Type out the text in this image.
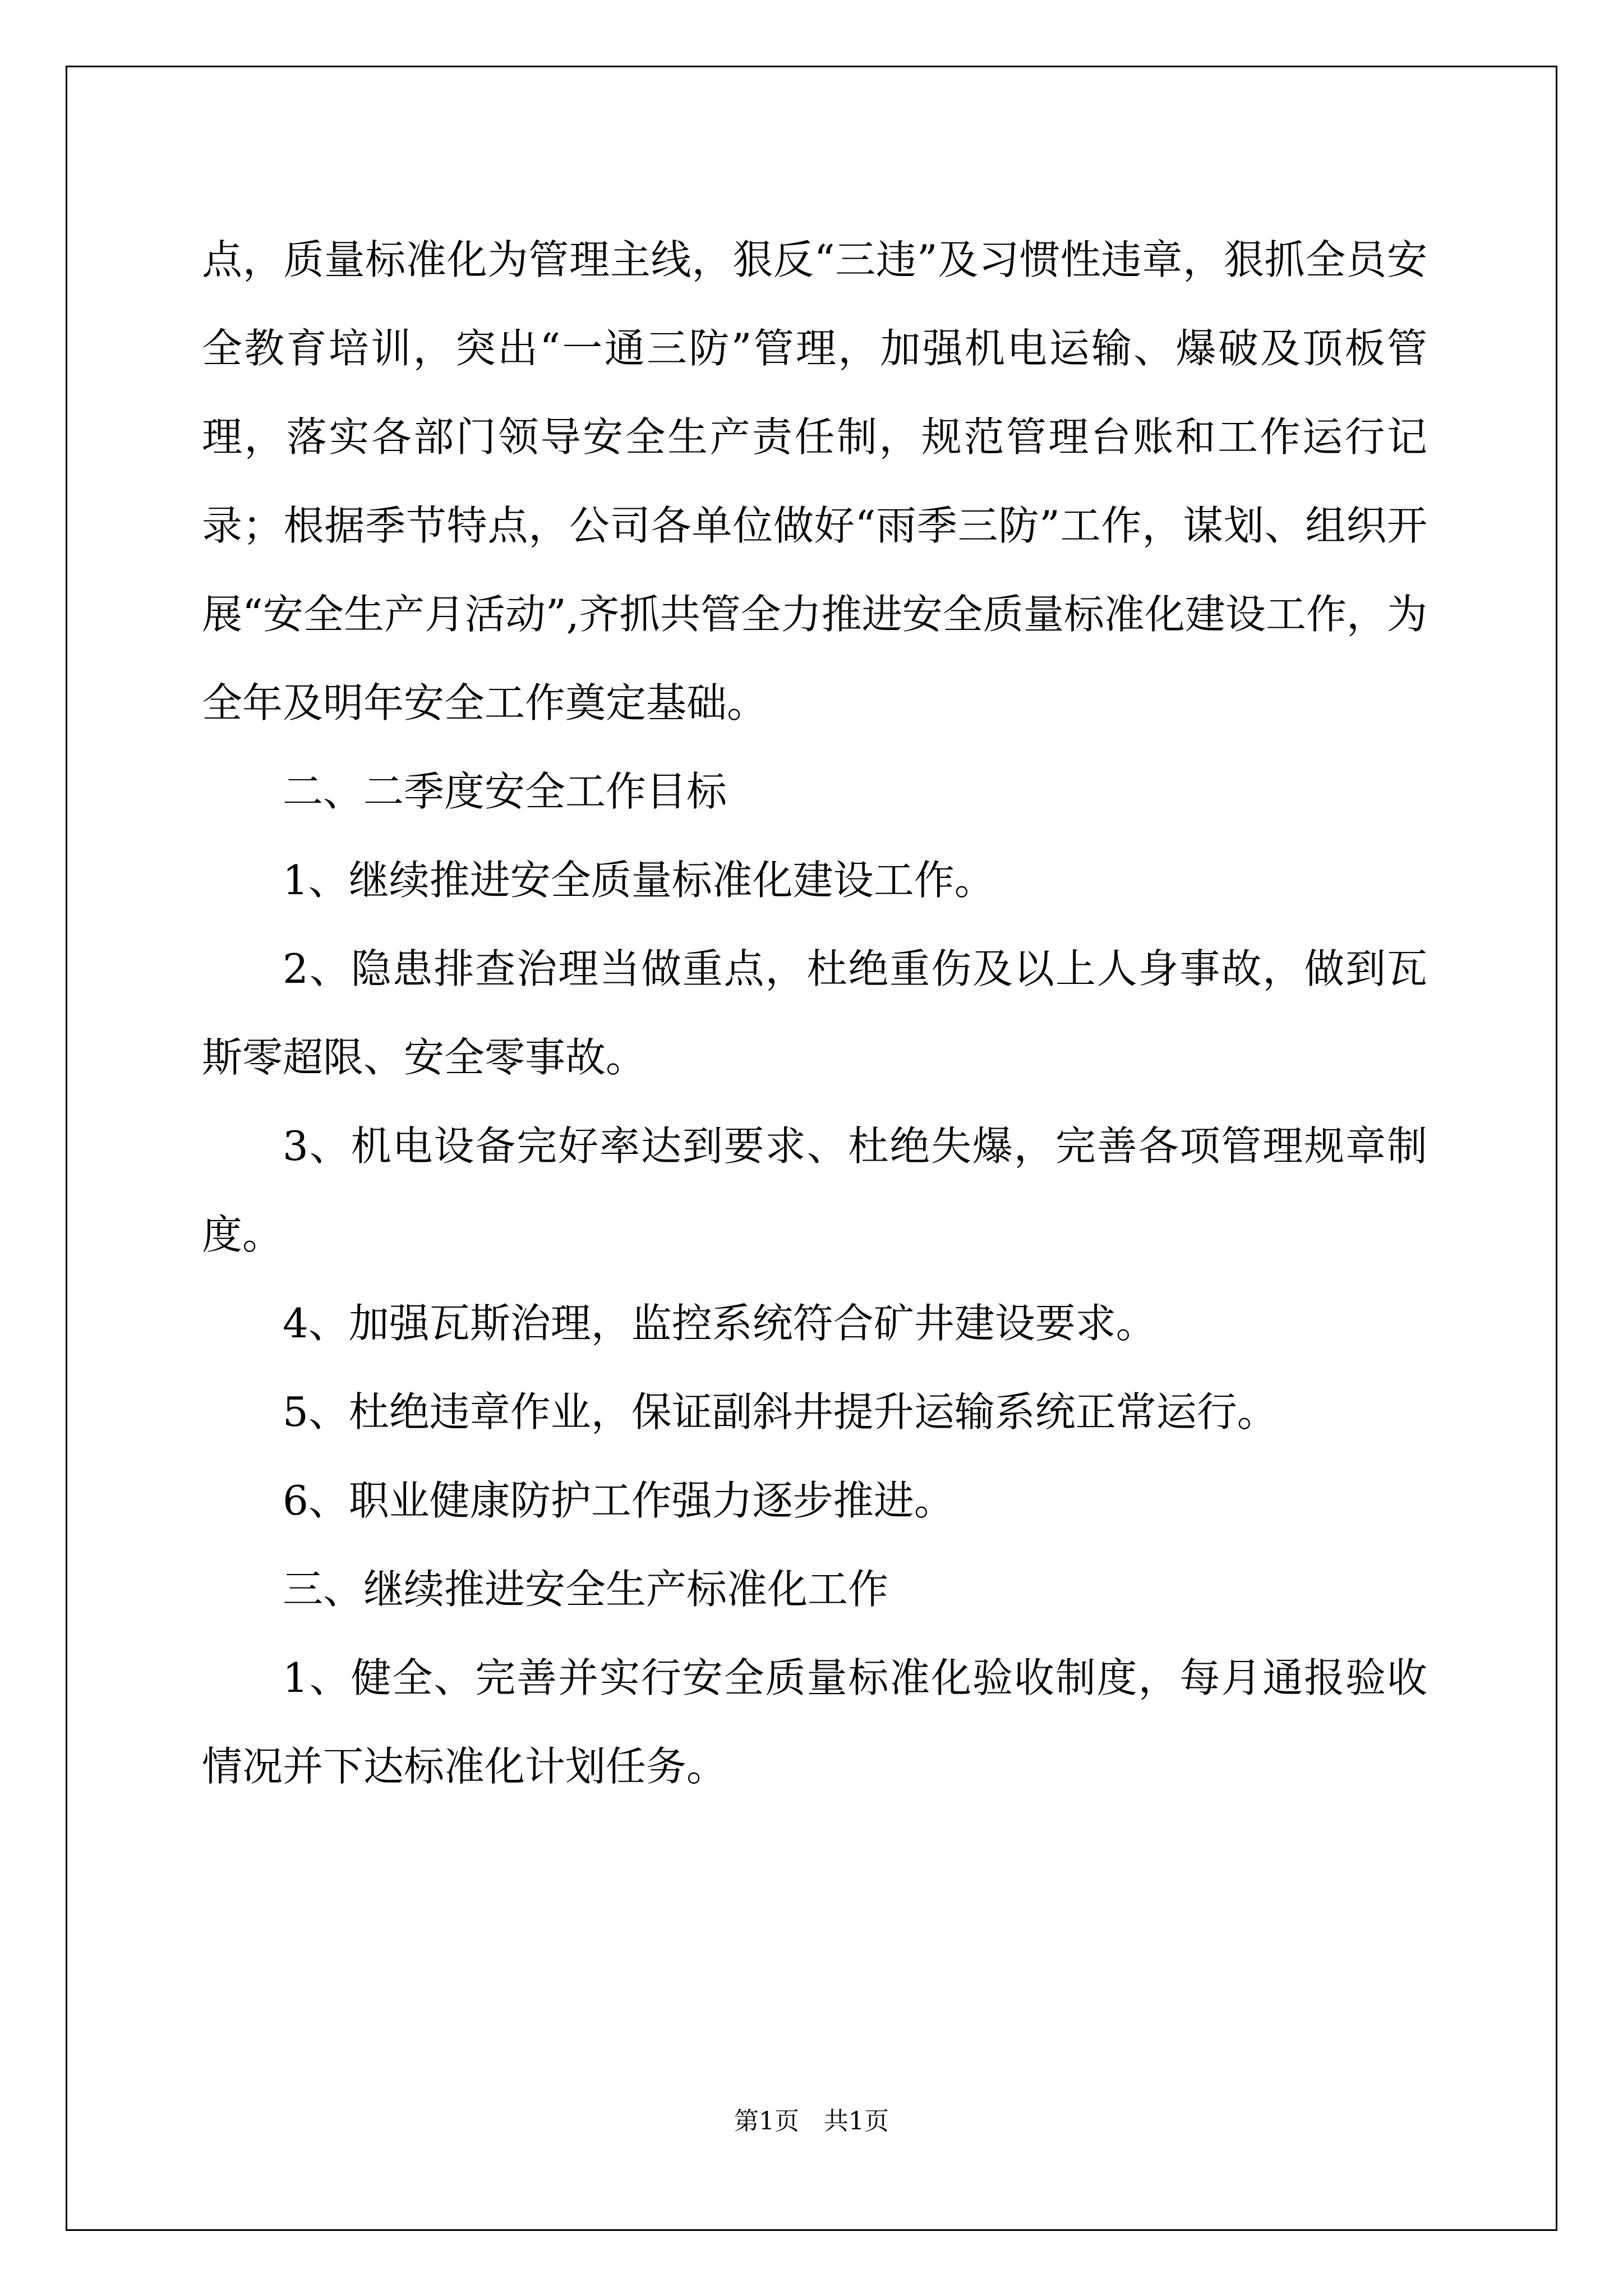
点，质量标准化为管理主线，狠反“三违”及习惯性违章，狠抓全员安全教育培训，突出“一通三防”管理，加强机电运输、爆破及顶板管理，落实各部门领导安全生产责任制，规范管理台账和工作运行记录；根据季节特点，公司各单位做好“雨季三防”工作，谋划、组织开展“安全生产月活动”,齐抓共管全力推进安全质量标准化建设工作，为全年及明年安全工作奠定基础。

二、二季度安全工作目标

1、继续推进安全质量标准化建设工作。

2、隐患排查治理当做重点，杜绝重伤及以上人身事故，做到瓦斯零超限、安全零事故。

3、机电设备完好率达到要求、杜绝失爆，完善各项管理规章制度。

4、加强瓦斯治理，监控系统符合矿井建设要求。

5、杜绝违章作业，保证副斜井提升运输系统正常运行。

6、职业健康防护工作强力逐步推进。

三、继续推进安全生产标准化工作

1、健全、完善并实行安全质量标准化验收制度，每月通报验收情况并下达标准化计划任务。

第1页　共1页
